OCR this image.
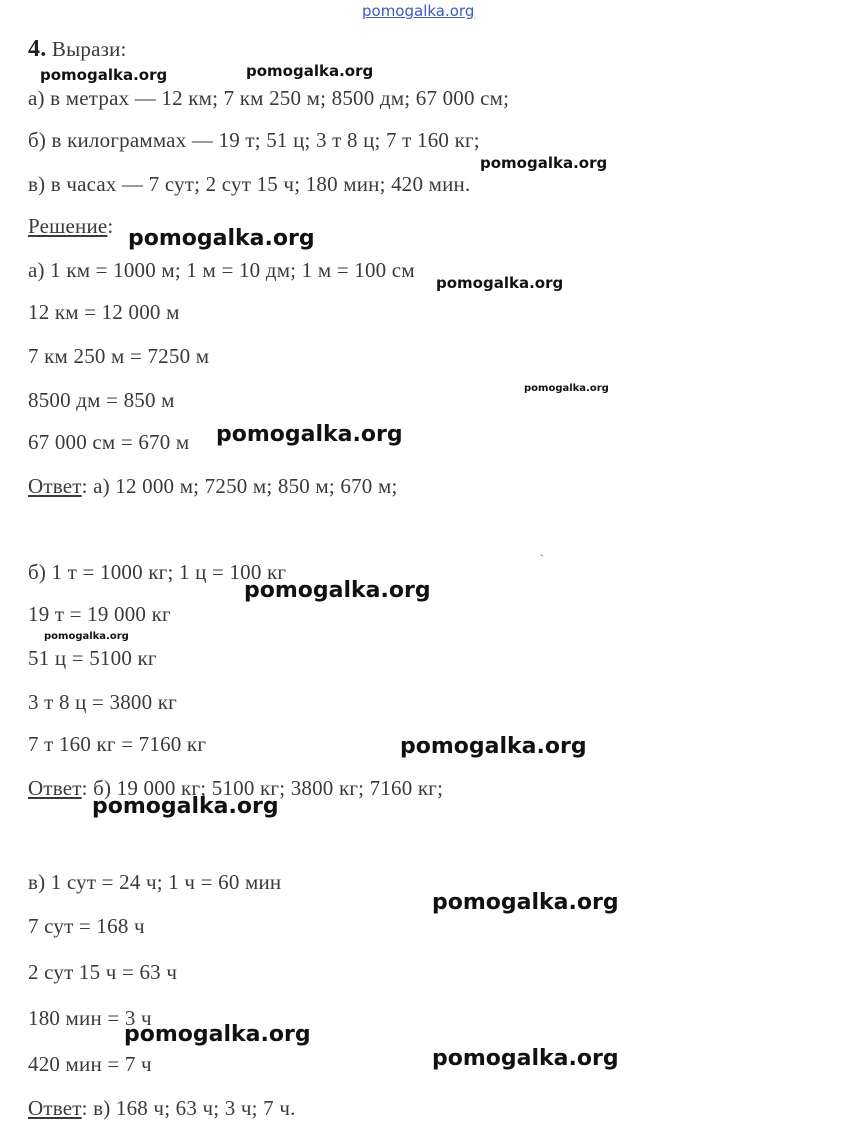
pomogalka.org
4. Вырази:
а) в метрах — 12 км; 7 км 250 м; 8500 дм; 67 000 см;
б) в килограммах — 19 т; 51 ц; 3 т 8 ц; 7 т 160 кг;
в) в часах — 7 сут; 2 сут 15 ч; 180 мин; 420 мин.
Решение:
а) 1 км = 1000 м; 1 м = 10 дм; 1 м = 100 см
12 км = 12 000 м
7 км 250 м = 7250 м
8500 дм = 850 м
67 000 см = 670 м
Ответ: а) 12 000 м; 7250 м; 850 м; 670 м;
б) 1 т = 1000 кг; 1 ц = 100 кг
19 т = 19 000 кг
51 ц = 5100 кг
3 т 8 ц = 3800 кг
7 т 160 кг = 7160 кг
Ответ: б) 19 000 кг; 5100 кг; 3800 кг; 7160 кг;
в) 1 сут = 24 ч; 1 ч = 60 мин
7 сут = 168 ч
2 сут 15 ч = 63 ч
180 мин = 3 ч
420 мин = 7 ч
Ответ: в) 168 ч; 63 ч; 3 ч; 7 ч.
ˋ
pomogalka.org	pomogalka.org
pomogalka.org
pomogalka.org
pomogalka.org
pomogalka.org
pomogalka.org
pomogalka.org
pomogalka.org
pomogalka.org
pomogalka.org
pomogalka.org
pomogalka.org
pomogalka.org
